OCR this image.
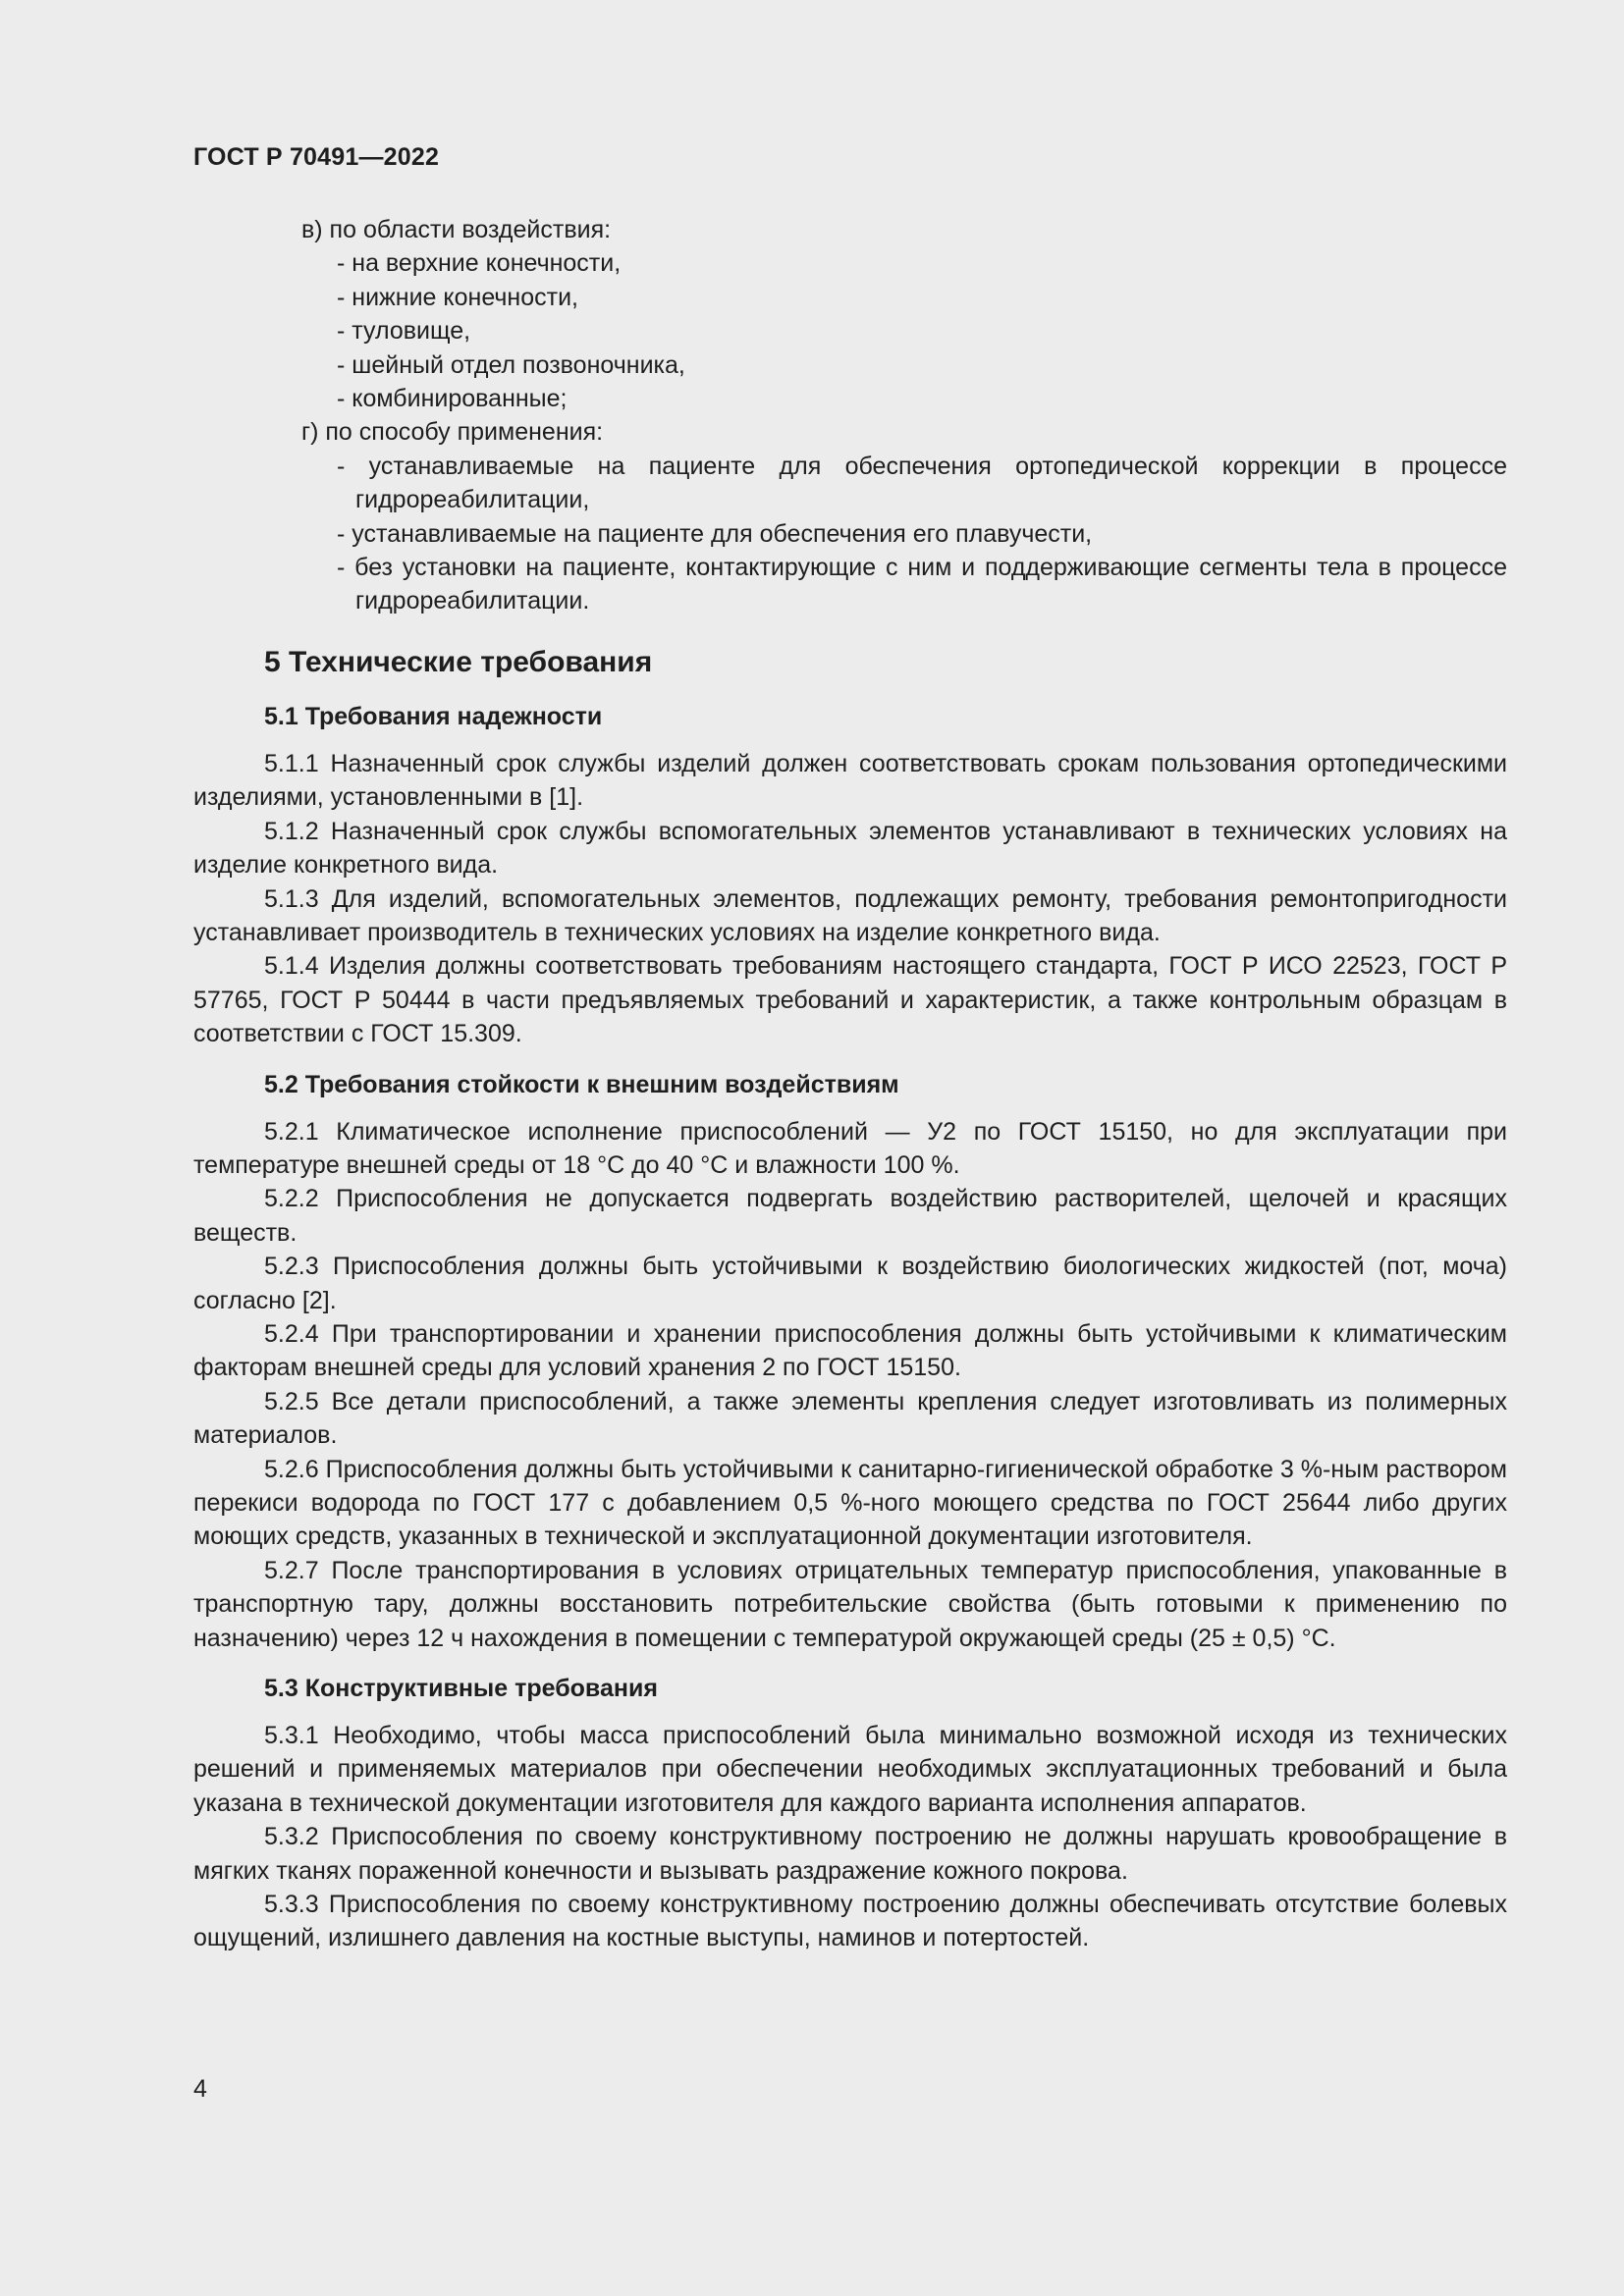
ГОСТ Р 70491—2022

в) по области воздействия:

- на верхние конечности,

- нижние конечности,

- туловище,

- шейный отдел позвоночника,

- комбинированные;

г) по способу применения:

- устанавливаемые на пациенте для обеспечения ортопедической коррекции в процессе гидрореабилитации,

- устанавливаемые на пациенте для обеспечения его плавучести,

- без установки на пациенте, контактирующие с ним и поддерживающие сегменты тела в процессе гидрореабилитации.

5 Технические требования
5.1 Требования надежности

5.1.1 Назначенный срок службы изделий должен соответствовать срокам пользования ортопедическими изделиями, установленными в [1].

5.1.2 Назначенный срок службы вспомогательных элементов устанавливают в технических условиях на изделие конкретного вида.

5.1.3 Для изделий, вспомогательных элементов, подлежащих ремонту, требования ремонтопригодности устанавливает производитель в технических условиях на изделие конкретного вида.

5.1.4 Изделия должны соответствовать требованиям настоящего стандарта, ГОСТ Р ИСО 22523, ГОСТ Р 57765, ГОСТ Р 50444 в части предъявляемых требований и характеристик, а также контрольным образцам в соответствии с ГОСТ 15.309.

5.2 Требования стойкости к внешним воздействиям

5.2.1 Климатическое исполнение приспособлений — У2 по ГОСТ 15150, но для эксплуатации при температуре внешней среды от 18 °С до 40 °С и влажности 100 %.

5.2.2 Приспособления не допускается подвергать воздействию растворителей, щелочей и красящих веществ.

5.2.3 Приспособления должны быть устойчивыми к воздействию биологических жидкостей (пот, моча) согласно [2].

5.2.4 При транспортировании и хранении приспособления должны быть устойчивыми к климатическим факторам внешней среды для условий хранения 2 по ГОСТ 15150.

5.2.5 Все детали приспособлений, а также элементы крепления следует изготовливать из полимерных материалов.

5.2.6 Приспособления должны быть устойчивыми к санитарно-гигиенической обработке 3 %-ным раствором перекиси водорода по ГОСТ 177 с добавлением 0,5 %-ного моющего средства по ГОСТ 25644 либо других моющих средств, указанных в технической и эксплуатационной документации изготовителя.

5.2.7 После транспортирования в условиях отрицательных температур приспособления, упакованные в транспортную тару, должны восстановить потребительские свойства (быть готовыми к применению по назначению) через 12 ч нахождения в помещении с температурой окружающей среды (25 ± 0,5) °С.

5.3 Конструктивные требования

5.3.1 Необходимо, чтобы масса приспособлений была минимально возможной исходя из технических решений и применяемых материалов при обеспечении необходимых эксплуатационных требований и была указана в технической документации изготовителя для каждого варианта исполнения аппаратов.

5.3.2 Приспособления по своему конструктивному построению не должны нарушать кровообращение в мягких тканях пораженной конечности и вызывать раздражение кожного покрова.

5.3.3 Приспособления по своему конструктивному построению должны обеспечивать отсутствие болевых ощущений, излишнего давления на костные выступы, наминов и потертостей.

4
